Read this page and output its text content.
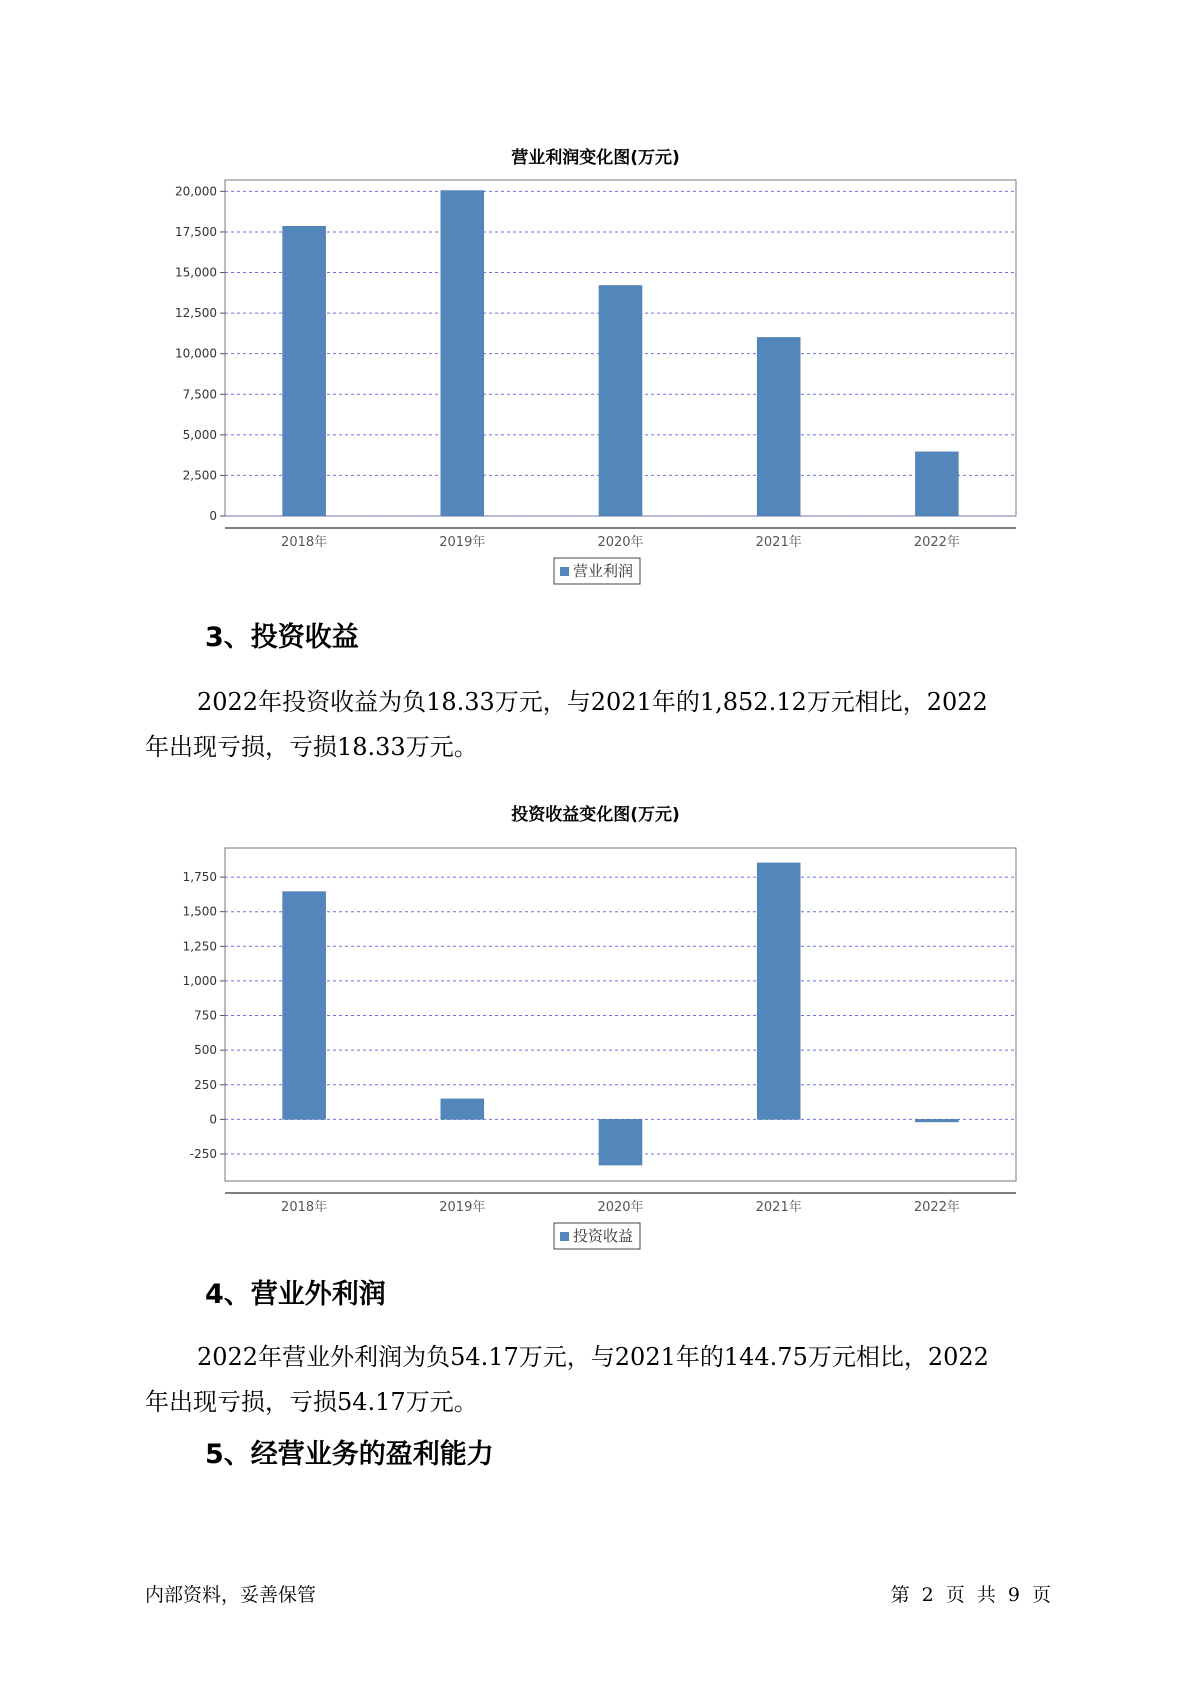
营业利润变化图(万元)
0
2,500
5,000
7,500
10,000
12,500
15,000
17,500
20,000
2018年	2019年	2020年	2021年	2022年
营业利润
3、投资收益

2022年投资收益为负18.33万元，与2021年的1,852.12万元相比，2022

年出现亏损，亏损18.33万元。

投资收益变化图(万元)
-250
0
250
500
750
1,000
1,250
1,500
1,750
2018年	2019年	2020年	2021年	2022年
投资收益
4、营业外利润

2022年营业外利润为负54.17万元，与2021年的144.75万元相比，2022

年出现亏损，亏损54.17万元。

5、经营业务的盈利能力
内部资料，妥善保管	第 2 页 共 9 页
